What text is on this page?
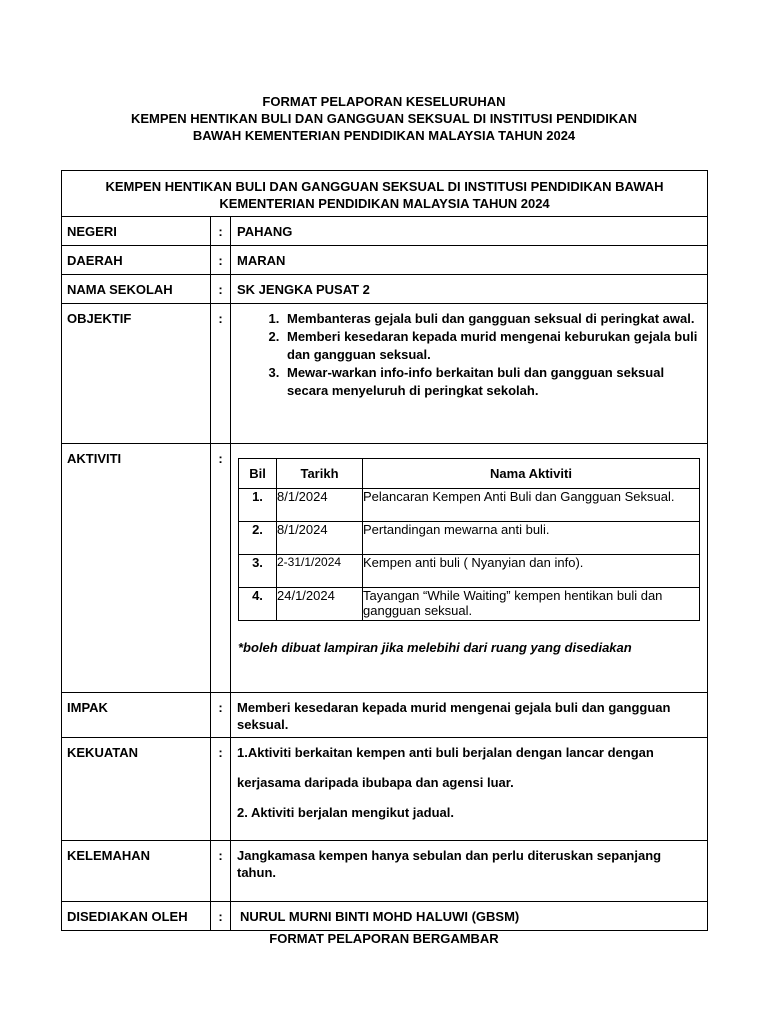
FORMAT PELAPORAN KESELURUHAN
KEMPEN HENTIKAN BULI DAN GANGGUAN SEKSUAL DI INSTITUSI PENDIDIKAN
BAWAH KEMENTERIAN PENDIDIKAN MALAYSIA TAHUN 2024
KEMPEN HENTIKAN BULI DAN GANGGUAN SEKSUAL DI INSTITUSI PENDIDIKAN BAWAH
KEMENTERIAN PENDIDIKAN MALAYSIA TAHUN 2024

NEGERI	:	PAHANG
DAERAH	:	MARAN
NAMA SEKOLAH	:	SK JENGKA PUSAT 2
OBJEKTIF	:	
1.Membanteras gejala buli dan gangguan seksual di peringkat awal.
2. Memberi kesedaran kepada murid mengenai keburukan gejala buli dan gangguan seksual.
3. Mewar-warkan info-info berkaitan buli dan gangguan seksual secara menyeluruh di peringkat sekolah.

AKTIVITI	:	
Bil	Tarikh	Nama Aktiviti
1.	8/1/2024	Pelancaran Kempen Anti Buli dan Gangguan Seksual.
2.	8/1/2024	Pertandingan mewarna anti buli.
3.	2-31/1/2024	Kempen anti buli ( Nyanyian dan info).
4.	24/1/2024	Tayangan “While Waiting” kempen hentikan buli dan gangguan seksual.
*boleh dibuat lampiran jika melebihi dari ruang yang disediakan

IMPAK	:	Memberi kesedaran kepada murid mengenai gejala buli dan gangguan seksual.
KEKUATAN	:	1.Aktiviti berkaitan kempen anti buli berjalan dengan lancar dengan

kerjasama daripada ibubapa dan agensi luar.

2. Aktiviti berjalan mengikut jadual.

KELEMAHAN	:	Jangkamasa kempen hanya sebulan dan perlu diteruskan sepanjang tahun.
DISEDIAKAN OLEH	:	NURUL MURNI BINTI MOHD HALUWI (GBSM)
FORMAT PELAPORAN BERGAMBAR
